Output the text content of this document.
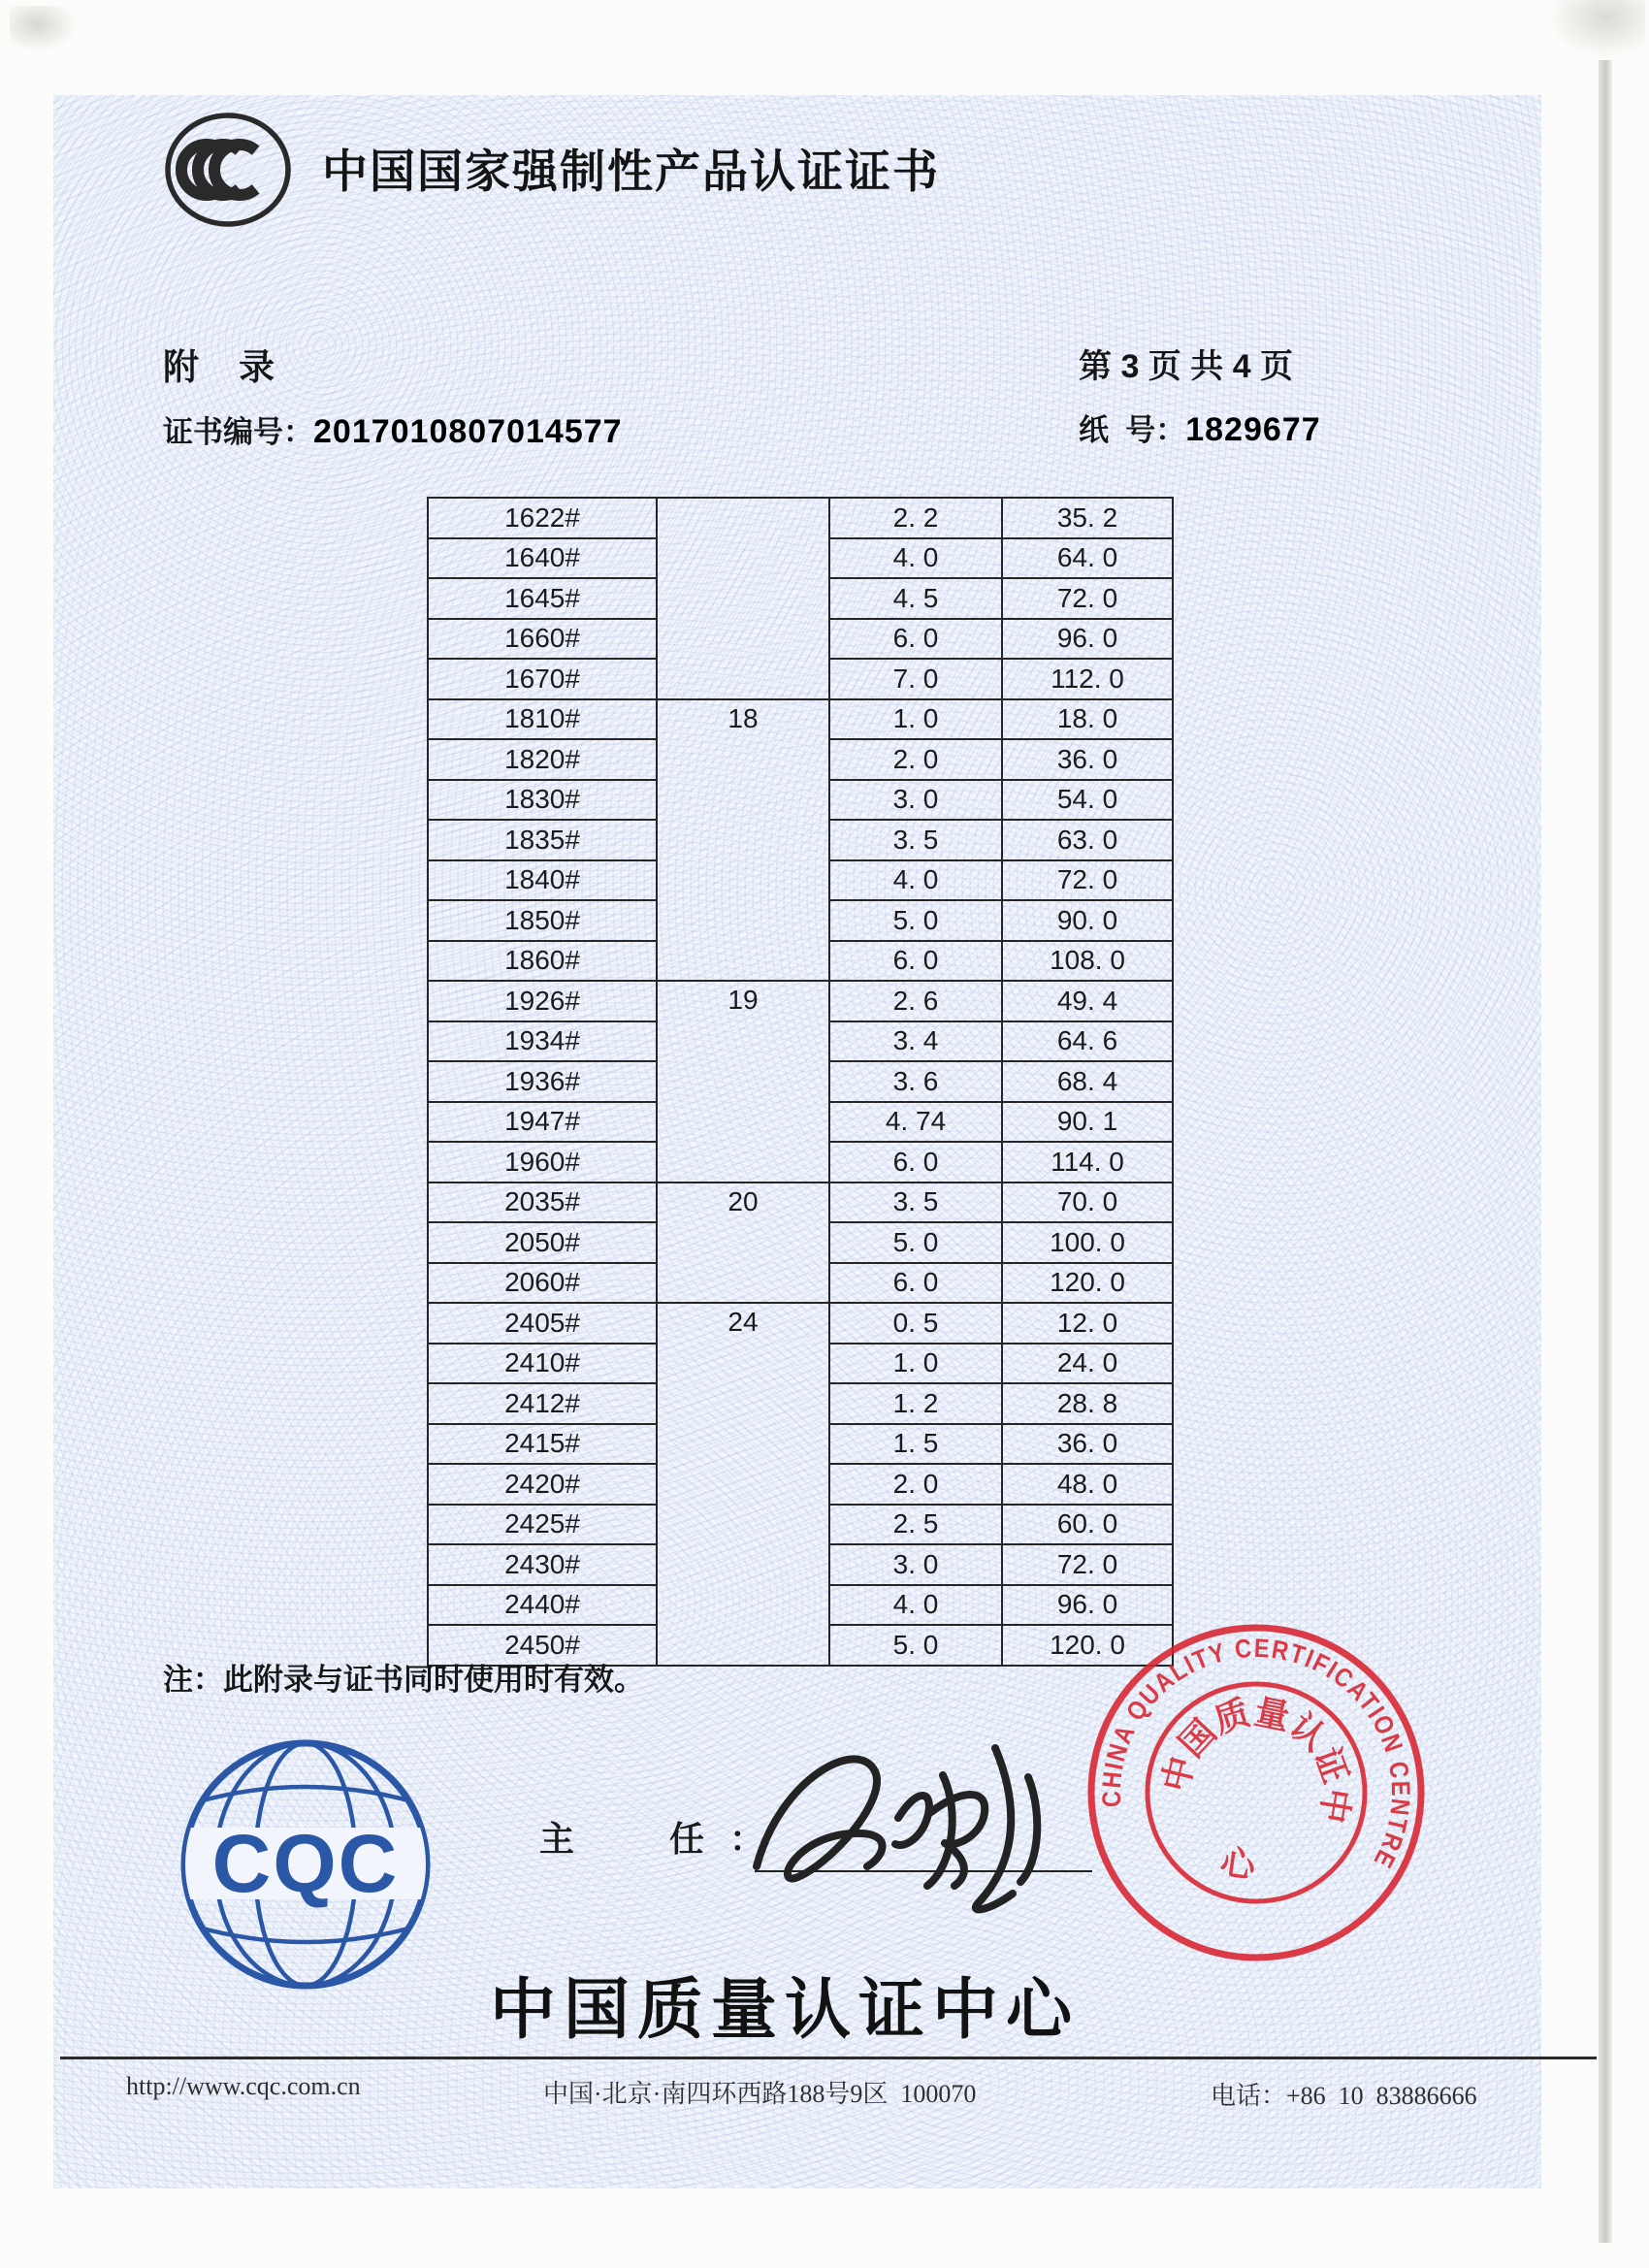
中国国家强制性产品认证证书
附    录	第 3 页 共 4 页
证书编号：2017010807014577	纸  号：1829677
1622#		2. 2	35. 2
1640#		4. 0	64. 0
1645#		4. 5	72. 0
1660#		6. 0	96. 0
1670#		7. 0	112. 0
1810#	18	1. 0	18. 0
1820#		2. 0	36. 0
1830#		3. 0	54. 0
1835#		3. 5	63. 0
1840#		4. 0	72. 0
1850#		5. 0	90. 0
1860#		6. 0	108. 0
1926#	19	2. 6	49. 4
1934#		3. 4	64. 6
1936#		3. 6	68. 4
1947#		4. 74	90. 1
1960#		6. 0	114. 0
2035#	20	3. 5	70. 0
2050#		5. 0	100. 0
2060#		6. 0	120. 0
2405#	24	0. 5	12. 0
2410#		1. 0	24. 0
2412#		1. 2	28. 8
2415#		1. 5	36. 0
2420#		2. 0	48. 0
2425#		2. 5	60. 0
2430#		3. 0	72. 0
2440#		4. 0	96. 0
2450#		5. 0	120. 0
注：此附录与证书同时使用时有效。
CQC	主  任：
CHINA QUALITY CERTIFICATION CENTRE
中国质量认证中
心
中国质量认证中心
http://www.cqc.com.cn	中国·北京·南四环西路188号9区  100070	电话：+86  10  83886666
